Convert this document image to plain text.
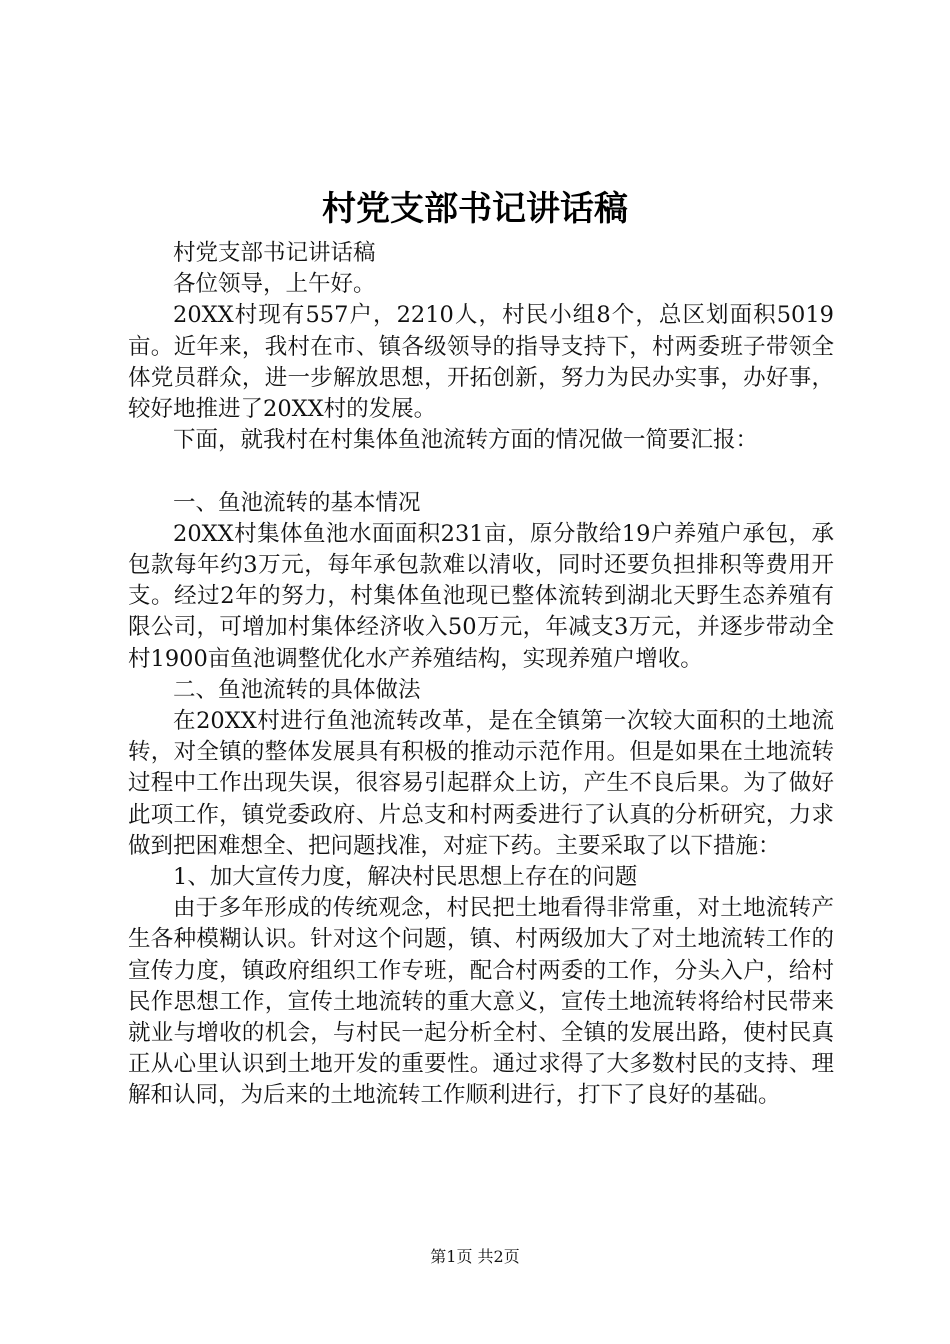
村党支部书记讲话稿

村党支部书记讲话稿

各位领导，上午好。

20XX村现有557户，2210人，村民小组8个，总区划面积5019亩。近年来，我村在市、镇各级领导的指导支持下，村两委班子带领全体党员群众，进一步解放思想，开拓创新，努力为民办实事，办好事，较好地推进了20XX村的发展。

下面，就我村在村集体鱼池流转方面的情况做一简要汇报：

一、鱼池流转的基本情况

20XX村集体鱼池水面面积231亩，原分散给19户养殖户承包，承包款每年约3万元，每年承包款难以清收，同时还要负担排积等费用开支。经过2年的努力，村集体鱼池现已整体流转到湖北天野生态养殖有限公司，可增加村集体经济收入50万元，年减支3万元，并逐步带动全村1900亩鱼池调整优化水产养殖结构，实现养殖户增收。

二、鱼池流转的具体做法

在20XX村进行鱼池流转改革，是在全镇第一次较大面积的土地流转，对全镇的整体发展具有积极的推动示范作用。但是如果在土地流转过程中工作出现失误，很容易引起群众上访，产生不良后果。为了做好此项工作，镇党委政府、片总支和村两委进行了认真的分析研究，力求做到把困难想全、把问题找准，对症下药。主要采取了以下措施：

1、加大宣传力度，解决村民思想上存在的问题

由于多年形成的传统观念，村民把土地看得非常重，对土地流转产生各种模糊认识。针对这个问题，镇、村两级加大了对土地流转工作的宣传力度，镇政府组织工作专班，配合村两委的工作，分头入户，给村民作思想工作，宣传土地流转的重大意义，宣传土地流转将给村民带来就业与增收的机会，与村民一起分析全村、全镇的发展出路，使村民真正从心里认识到土地开发的重要性。通过求得了大多数村民的支持、理解和认同，为后来的土地流转工作顺利进行，打下了良好的基础。

第1页 共2页
